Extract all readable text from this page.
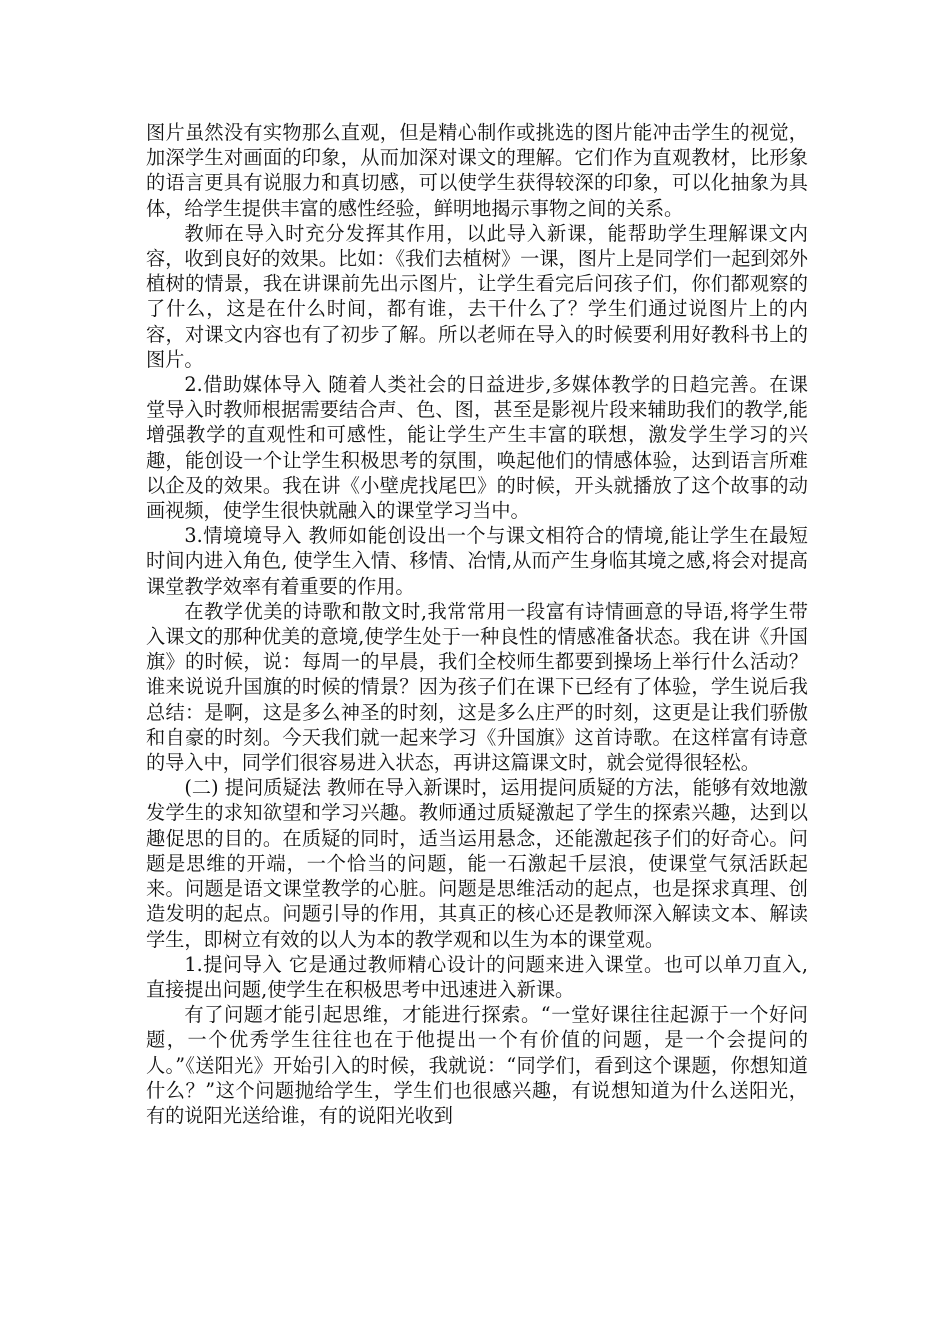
图片虽然没有实物那么直观，但是精心制作或挑选的图片能冲击学生的视觉，加深学生对画面的印象，从而加深对课文的理解。它们作为直观教材，比形象的语言更具有说服力和真切感，可以使学生获得较深的印象，可以化抽象为具体，给学生提供丰富的感性经验，鲜明地揭示事物之间的关系。

教师在导入时充分发挥其作用，以此导入新课，能帮助学生理解课文内容，收到良好的效果。比如：《我们去植树》一课，图片上是同学们一起到郊外植树的情景，我在讲课前先出示图片，让学生看完后问孩子们，你们都观察的了什么，这是在什么时间，都有谁，去干什么了？学生们通过说图片上的内容，对课文内容也有了初步了解。所以老师在导入的时候要利用好教科书上的图片。

2.借助媒体导入 随着人类社会的日益进步,多媒体教学的日趋完善。在课堂导入时教师根据需要结合声、色、图，甚至是影视片段来辅助我们的教学,能增强教学的直观性和可感性，能让学生产生丰富的联想，激发学生学习的兴趣，能创设一个让学生积极思考的氛围，唤起他们的情感体验，达到语言所难以企及的效果。我在讲《小壁虎找尾巴》的时候，开头就播放了这个故事的动画视频，使学生很快就融入的课堂学习当中。

3.情境境导入 教师如能创设出一个与课文相符合的情境,能让学生在最短时间内进入角色, 使学生入情、移情、冶情,从而产生身临其境之感,将会对提高课堂教学效率有着重要的作用。

在教学优美的诗歌和散文时,我常常用一段富有诗情画意的导语,将学生带入课文的那种优美的意境,使学生处于一种良性的情感准备状态。我在讲《升国旗》的时候，说：每周一的早晨，我们全校师生都要到操场上举行什么活动？谁来说说升国旗的时候的情景？因为孩子们在课下已经有了体验，学生说后我总结：是啊，这是多么神圣的时刻，这是多么庄严的时刻，这更是让我们骄傲和自豪的时刻。今天我们就一起来学习《升国旗》这首诗歌。在这样富有诗意的导入中，同学们很容易进入状态，再讲这篇课文时，就会觉得很轻松。

(二) 提问质疑法 教师在导入新课时，运用提问质疑的方法，能够有效地激发学生的求知欲望和学习兴趣。教师通过质疑激起了学生的探索兴趣，达到以趣促思的目的。在质疑的同时，适当运用悬念，还能激起孩子们的好奇心。问题是思维的开端，一个恰当的问题，能一石激起千层浪，使课堂气氛活跃起来。问题是语文课堂教学的心脏。问题是思维活动的起点，也是探求真理、创造发明的起点。问题引导的作用，其真正的核心还是教师深入解读文本、解读学生，即树立有效的以人为本的教学观和以生为本的课堂观。

1.提问导入 它是通过教师精心设计的问题来进入课堂。也可以单刀直入,直接提出问题,使学生在积极思考中迅速进入新课。

有了问题才能引起思维，才能进行探索。“一堂好课往往起源于一个好问题，一个优秀学生往往也在于他提出一个有价值的问题，是一个会提问的人。”《送阳光》开始引入的时候，我就说：“同学们，看到这个课题，你想知道什么？”这个问题抛给学生，学生们也很感兴趣，有说想知道为什么送阳光，有的说阳光送给谁，有的说阳光收到
